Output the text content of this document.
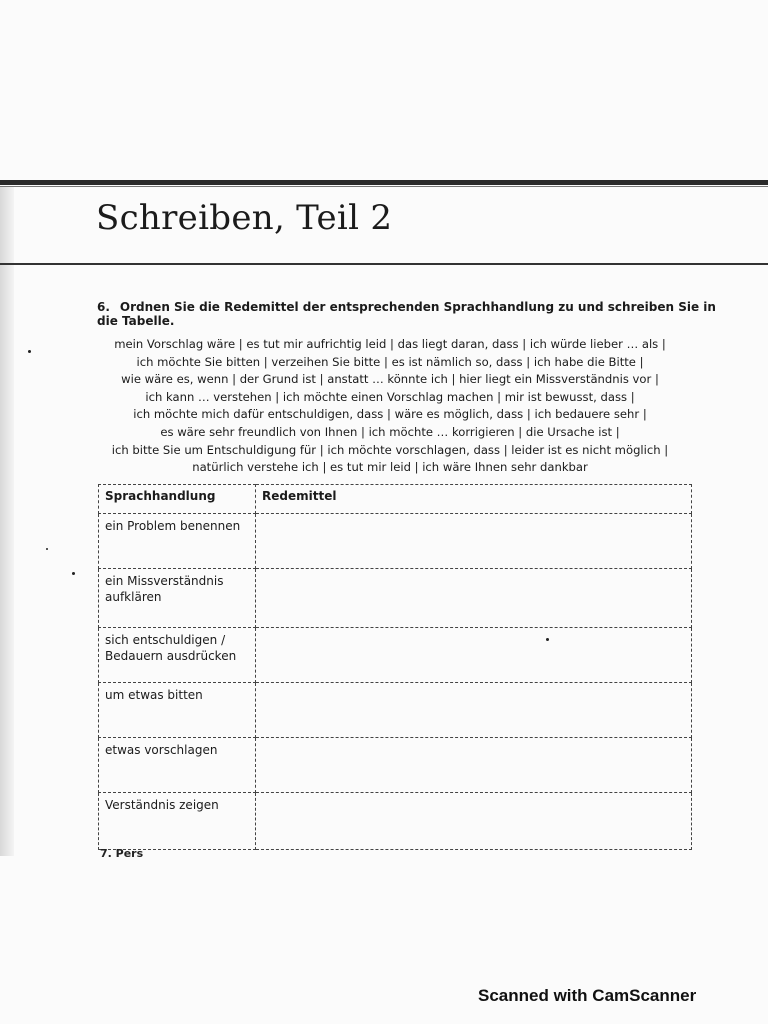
Schreiben, Teil 2
6. Ordnen Sie die Redemittel der entsprechenden Sprachhandlung zu und schreiben Sie in die Tabelle.
mein Vorschlag wäre | es tut mir aufrichtig leid | das liegt daran, dass | ich würde lieber … als |
ich möchte Sie bitten | verzeihen Sie bitte | es ist nämlich so, dass | ich habe die Bitte |
wie wäre es, wenn | der Grund ist | anstatt … könnte ich | hier liegt ein Missverständnis vor |
ich kann … verstehen | ich möchte einen Vorschlag machen | mir ist bewusst, dass |
ich möchte mich dafür entschuldigen, dass | wäre es möglich, dass | ich bedauere sehr |
es wäre sehr freundlich von Ihnen | ich möchte … korrigieren | die Ursache ist |
ich bitte Sie um Entschuldigung für | ich möchte vorschlagen, dass | leider ist es nicht möglich |
natürlich verstehe ich | es tut mir leid | ich wäre Ihnen sehr dankbar
Sprachhandlung	Redemittel
ein Problem benennen	
ein Missverständnis aufklären	
sich entschuldigen / Bedauern ausdrücken	
um etwas bitten	
etwas vorschlagen	
Verständnis zeigen	
7. Pers
Scanned with CamScanner
